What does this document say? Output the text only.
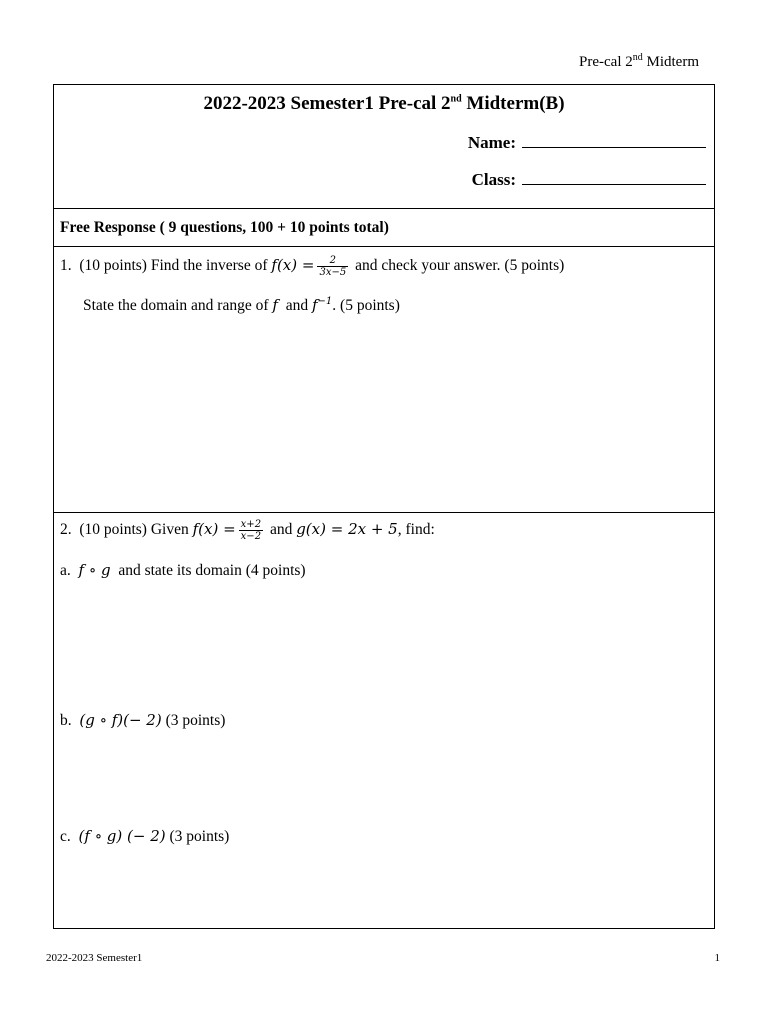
Pre-cal 2nd Midterm
2022-2023 Semester1 Pre-cal 2nd Midterm(B)
Name:
Class:
Free Response ( 9 questions, 100 + 10 points total)
1. (10 points) Find the inverse of $f(x) = \frac{2}{3x-5}$ and check your answer. (5 points)
State the domain and range of f and $f^{-1}$. (5 points)
2. (10 points) Given $f(x) = \frac{x+2}{x-2}$ and g(x) = 2x + 5, find:
a. f ∘ g and state its domain (4 points)
b. (g ∘ f)(− 2) (3 points)
c. (f ∘ g) (− 2) (3 points)
2022-2023 Semester1	1
